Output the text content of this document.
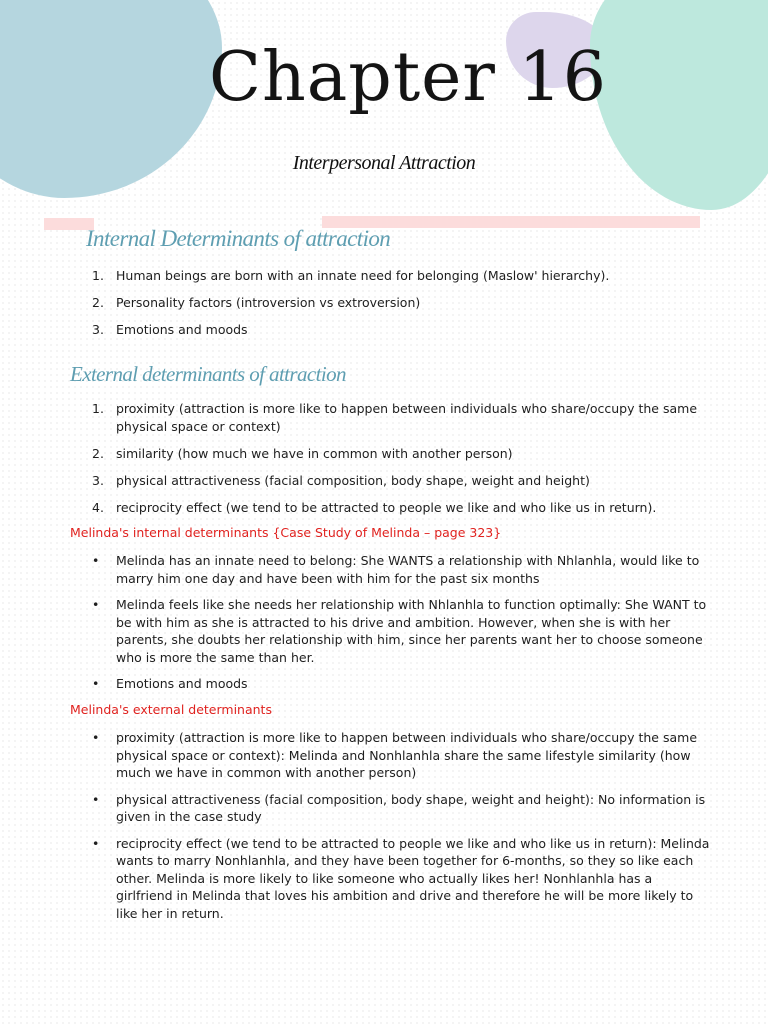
Chapter 16
Interpersonal Attraction
Internal Determinants of attraction
1. Human beings are born with an innate need for belonging (Maslow' hierarchy).
2. Personality factors (introversion vs extroversion)
3. Emotions and moods
External determinants of attraction
1. proximity (attraction is more like to happen between individuals who share/occupy the same physical space or context)
2. similarity (how much we have in common with another person)
3. physical attractiveness (facial composition, body shape, weight and height)
4. reciprocity effect (we tend to be attracted to people we like and who like us in return).

Melinda's internal determinants {Case Study of Melinda – page 323}

• Melinda has an innate need to belong: She WANTS a relationship with Nhlanhla, would like to marry him one day and have been with him for the past six months
• Melinda feels like she needs her relationship with Nhlanhla to function optimally: She WANT to be with him as she is attracted to his drive and ambition. However, when she is with her parents, she doubts her relationship with him, since her parents want her to choose someone who is more the same than her.
• Emotions and moods

Melinda's external determinants

• proximity (attraction is more like to happen between individuals who share/occupy the same physical space or context): Melinda and Nonhlanhla share the same lifestyle similarity (how much we have in common with another person)
• physical attractiveness (facial composition, body shape, weight and height): No information is given in the case study
• reciprocity effect (we tend to be attracted to people we like and who like us in return): Melinda wants to marry Nonhlanhla, and they have been together for 6-months, so they so like each other. Melinda is more likely to like someone who actually likes her! Nonhlanhla has a girlfriend in Melinda that loves his ambition and drive and therefore he will be more likely to like her in return.
